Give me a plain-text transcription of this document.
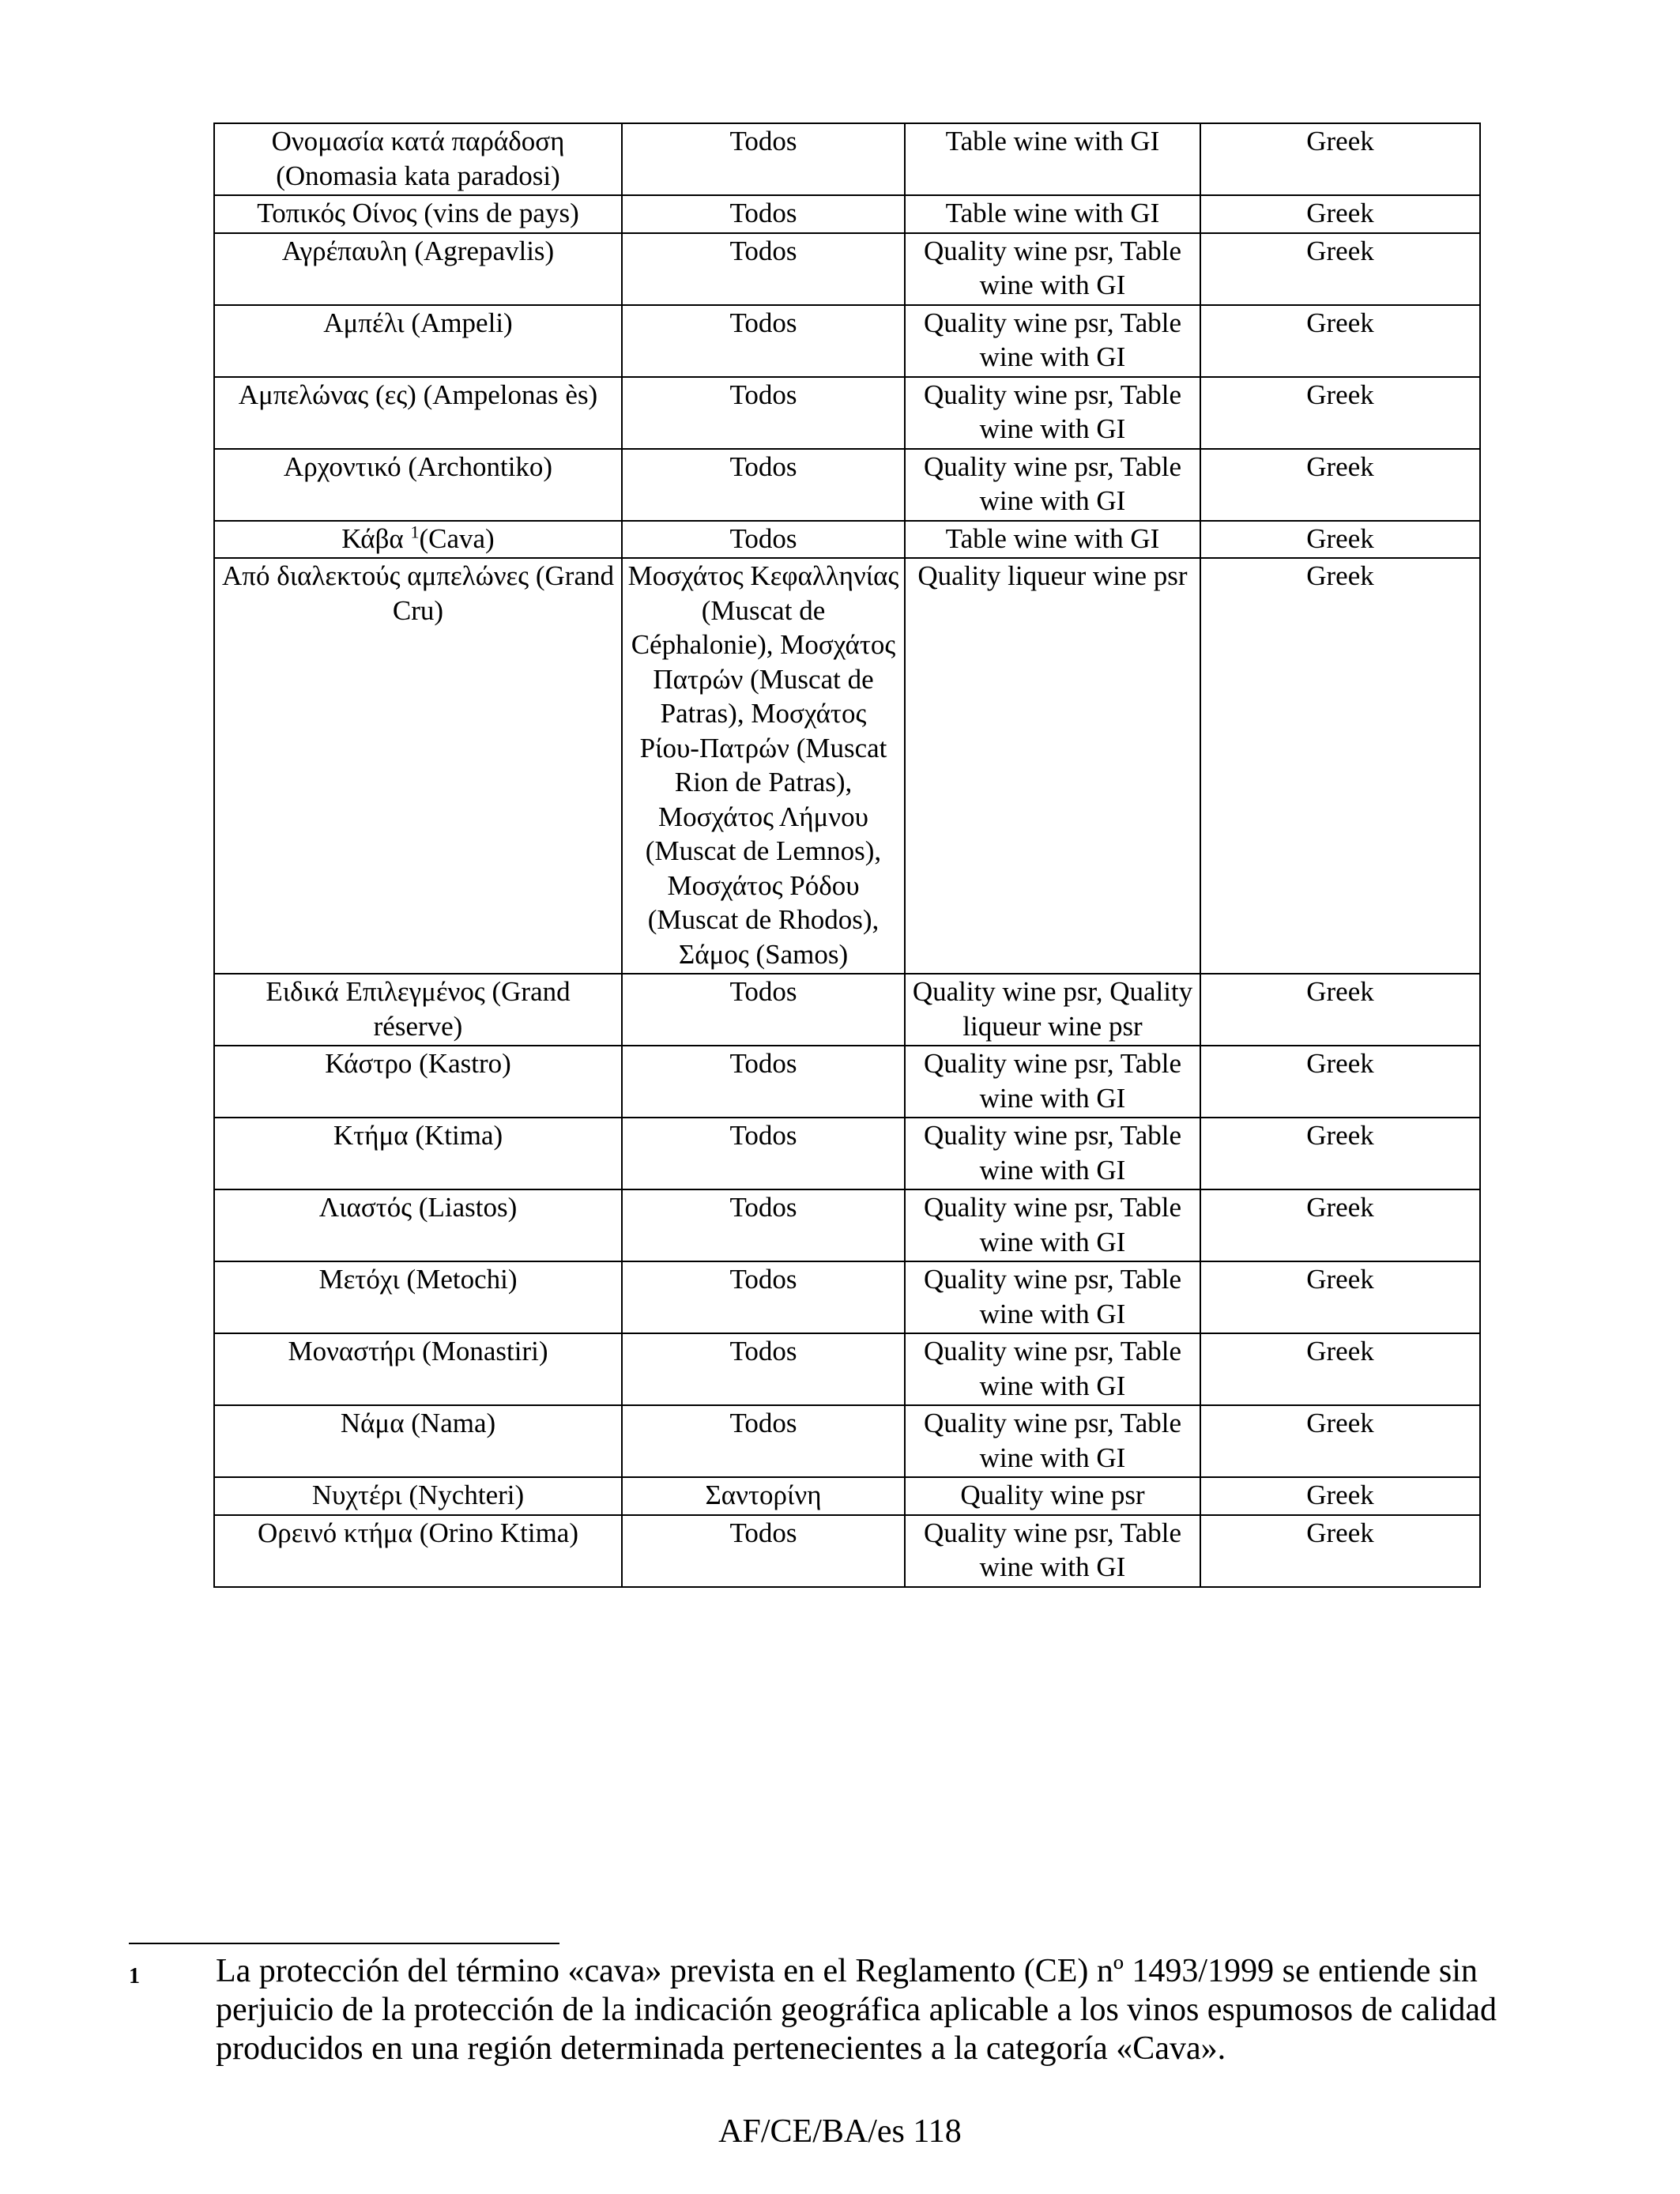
Ονομασία κατά παράδοση (Onomasia kata paradosi)	Todos	Table wine with GI	Greek
Τοπικός Οίνος (vins de pays)	Todos	Table wine with GI	Greek
Αγρέπαυλη (Agrepavlis)	Todos	Quality wine psr, Table wine with GI	Greek
Αμπέλι (Ampeli)	Todos	Quality wine psr, Table wine with GI	Greek
Αμπελώνας (ες) (Ampelonas ès)	Todos	Quality wine psr, Table wine with GI	Greek
Αρχοντικό (Archontiko)	Todos	Quality wine psr, Table wine with GI	Greek
Κάβα $^1$(Cava)	Todos	Table wine with GI	Greek
Από διαλεκτούς αμπελώνες (Grand Cru)	Μοσχάτος Κεφαλληνίας (Muscat de Céphalonie), Μοσχάτος Πατρών (Muscat de Patras), Μοσχάτος Ρίου-Πατρών (Muscat Rion de Patras), Μοσχάτος Λήμνου (Muscat de Lemnos), Μοσχάτος Ρόδου (Muscat de Rhodos), Σάμος (Samos)	Quality liqueur wine psr	Greek
Ειδικά Επιλεγμένος (Grand réserve)	Todos	Quality wine psr, Quality liqueur wine psr	Greek
Κάστρο (Kastro)	Todos	Quality wine psr, Table wine with GI	Greek
Κτήμα (Ktima)	Todos	Quality wine psr, Table wine with GI	Greek
Λιαστός (Liastos)	Todos	Quality wine psr, Table wine with GI	Greek
Μετόχι (Metochi)	Todos	Quality wine psr, Table wine with GI	Greek
Μοναστήρι (Monastiri)	Todos	Quality wine psr, Table wine with GI	Greek
Νάμα (Nama)	Todos	Quality wine psr, Table wine with GI	Greek
Νυχτέρι (Nychteri)	Σαντορίνη	Quality wine psr	Greek
Ορεινό κτήμα (Orino Ktima)	Todos	Quality wine psr, Table wine with GI	Greek
1 La protección del término «cava» prevista en el Reglamento (CE) nº 1493/1999 se entiende sin perjuicio de la protección de la indicación geográfica aplicable a los vinos espumosos de calidad producidos en una región determinada pertenecientes a la categoría «Cava».
AF/CE/BA/es 118
